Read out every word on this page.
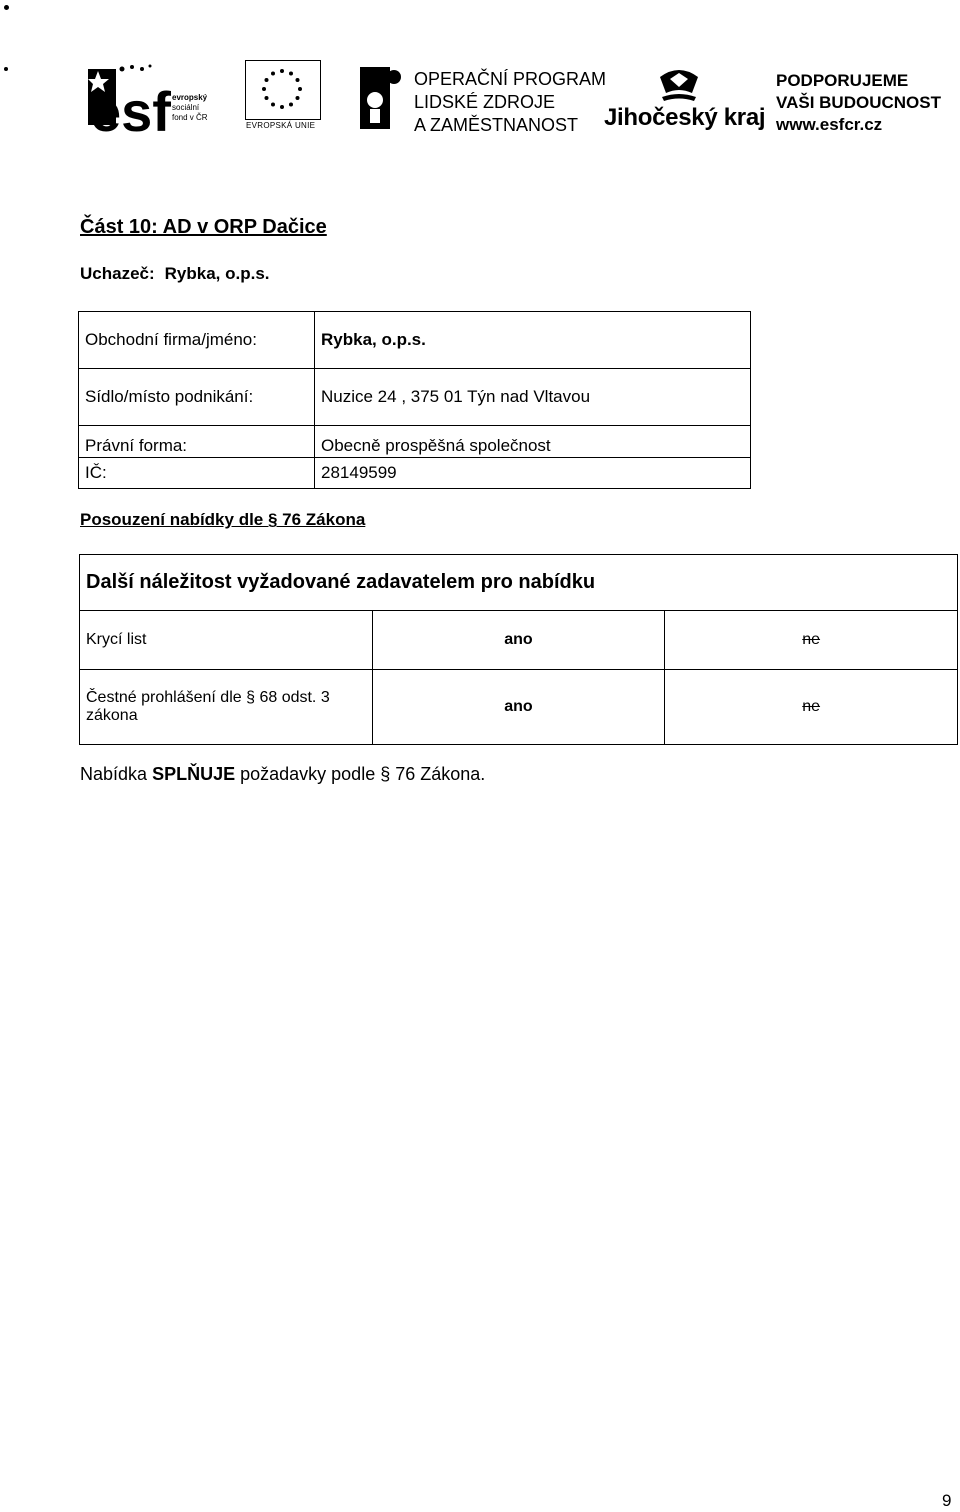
esf evropský
sociální
fond v ČR
EVROPSKÁ UNIE
OPERAČNÍ PROGRAM
LIDSKÉ ZDROJE
A ZAMĚSTNANOST	Jihočeský kraj
PODPORUJEME
VAŠI BUDOUCNOST
www.esfcr.cz
Část 10: AD v ORP Dačice
Uchazeč: Rybka, o.p.s.
Obchodní firma/jméno:	Rybka, o.p.s.
Sídlo/místo podnikání:	Nuzice 24 , 375 01 Týn nad Vltavou
Právní forma:	Obecně prospěšná společnost
IČ:	28149599
Posouzení nabídky dle § 76 Zákona
Další náležitost vyžadované zadavatelem pro nabídku		
Krycí list	ano	ne
Čestné prohlášení dle § 68 odst. 3 zákona	ano	ne
Nabídka SPLŇUJE požadavky podle § 76 Zákona.
9
